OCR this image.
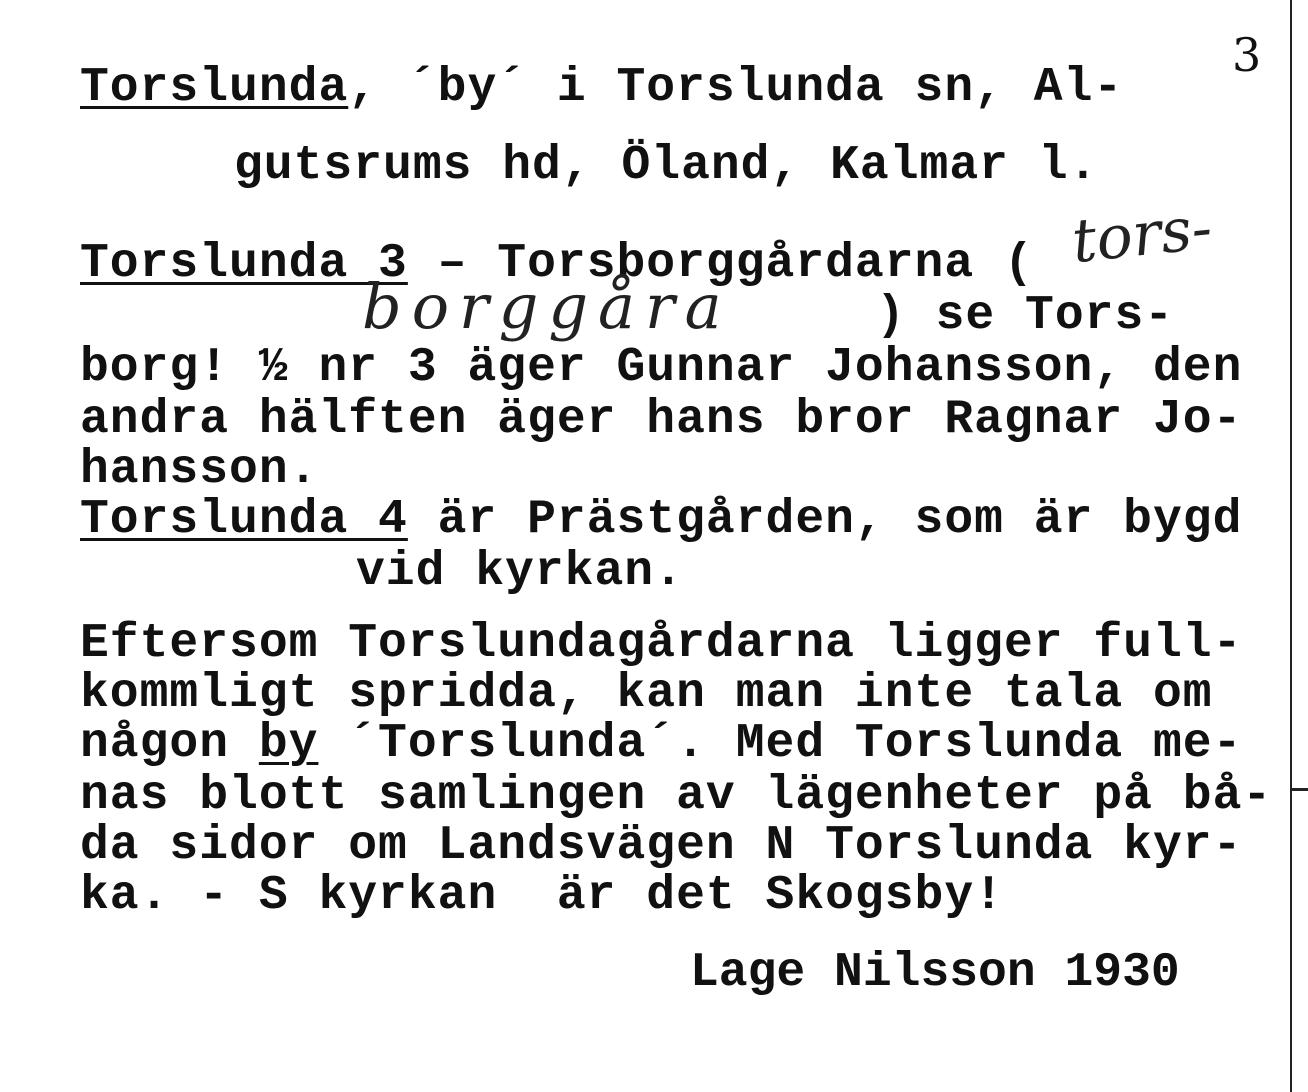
3
Torslunda, ´by´ i Torslunda sn, Al-
gutsrums hd, Öland, Kalmar l.
Torslunda 3 – Torsborggårdarna ( tors-
borggåra	) se Tors-
borg! ½ nr 3 äger Gunnar Johansson, den
andra hälften äger hans bror Ragnar Jo-
hansson.
Torslunda 4 är Prästgården, som är bygd
vid kyrkan.
Eftersom Torslundagårdarna ligger full-
kommligt spridda, kan man inte tala om
någon by ´Torslunda´. Med Torslunda me-
nas blott samlingen av lägenheter på bå-
da sidor om Landsvägen N Torslunda kyr-
ka. - S kyrkan  är det Skogsby!
Lage Nilsson 1930
